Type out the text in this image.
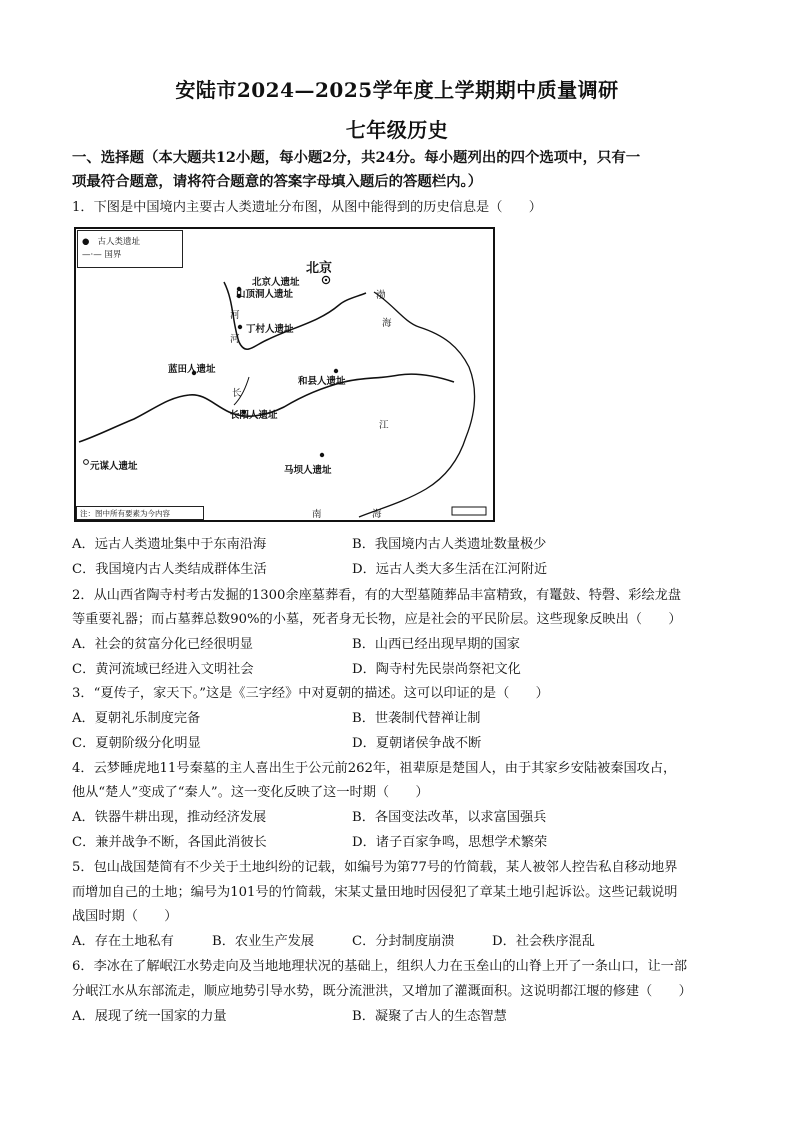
安陆市2024—2025学年度上学期期中质量调研
七年级历史
一、选择题（本大题共12小题，每小题2分，共24分。每小题列出的四个选项中，只有一
项最符合题意，请将符合题意的答案字母填入题后的答题栏内。）
1．下图是中国境内主要古人类遗址分布图，从图中能得到的历史信息是（　　）
●   古人类遗址
—·— 国界
北京
北京人遗址
山顶洞人遗址
丁村人遗址
蓝田人遗址
和县人遗址
长阳人遗址
元谋人遗址	马坝人遗址
河
河
长
江
渤
海
南	海
注：图中所有要素为今内容
A．远古人类遗址集中于东南沿海	B．我国境内古人类遗址数量极少
C．我国境内古人类结成群体生活	D．远古人类大多生活在江河附近
2．从山西省陶寺村考古发掘的1300余座墓葬看，有的大型墓随葬品丰富精致，有鼍鼓、特磬、彩绘龙盘
等重要礼器；而占墓葬总数90%的小墓，死者身无长物，应是社会的平民阶层。这些现象反映出（　　）
A．社会的贫富分化已经很明显	B．山西已经出现早期的国家
C．黄河流域已经进入文明社会	D．陶寺村先民崇尚祭祀文化
3．“夏传子，家天下。”这是《三字经》中对夏朝的描述。这可以印证的是（　　）
A．夏朝礼乐制度完备	B．世袭制代替禅让制
C．夏朝阶级分化明显	D．夏朝诸侯争战不断
4．云梦睡虎地11号秦墓的主人喜出生于公元前262年，祖辈原是楚国人，由于其家乡安陆被秦国攻占，
他从“楚人”变成了“秦人”。这一变化反映了这一时期（　　）
A．铁器牛耕出现，推动经济发展	B．各国变法改革，以求富国强兵
C．兼并战争不断，各国此消彼长	D．诸子百家争鸣，思想学术繁荣
5．包山战国楚简有不少关于土地纠纷的记载，如编号为第77号的竹简载，某人被邻人控告私自移动地界
而增加自己的土地；编号为101号的竹简载，宋某丈量田地时因侵犯了章某土地引起诉讼。这些记载说明
战国时期（　　）
A．存在土地私有	B．农业生产发展	C．分封制度崩溃	D．社会秩序混乱
6．李冰在了解岷江水势走向及当地地理状况的基础上，组织人力在玉垒山的山脊上开了一条山口，让一部
分岷江水从东部流走，顺应地势引导水势，既分流泄洪，又增加了灌溉面积。这说明都江堰的修建（　　）
A．展现了统一国家的力量	B．凝聚了古人的生态智慧
